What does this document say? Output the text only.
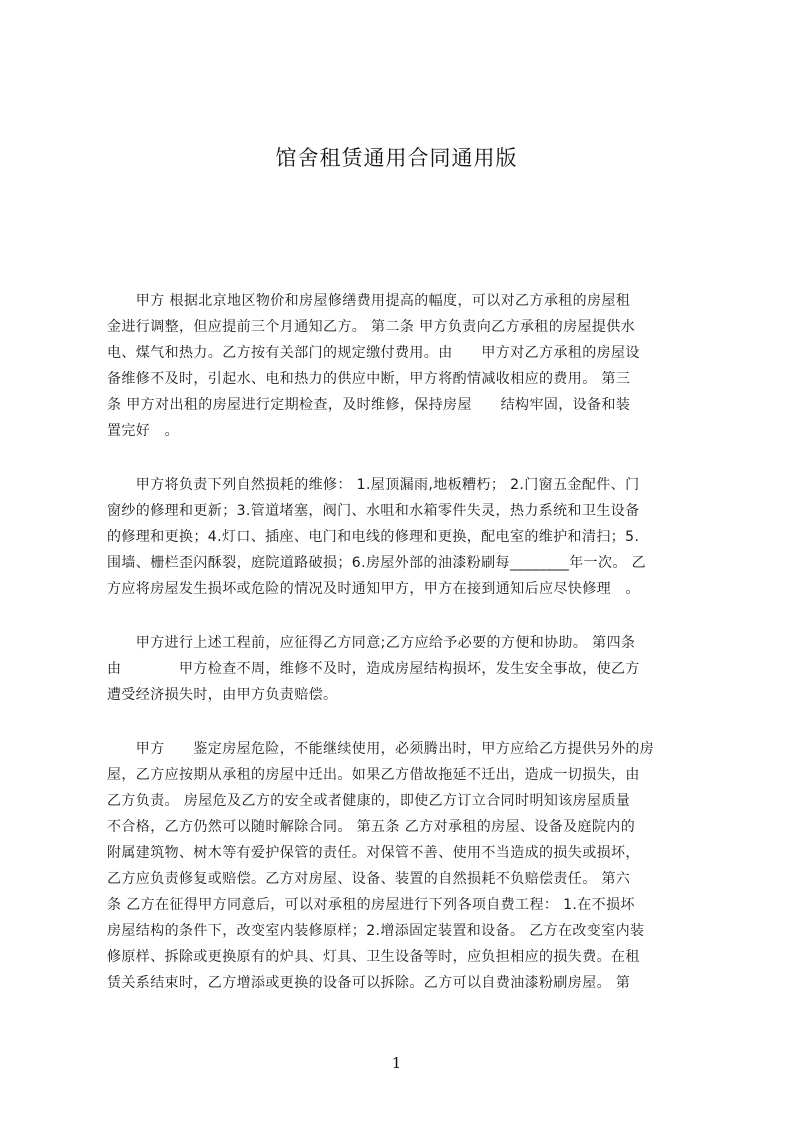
馆舍租赁通用合同通用版
　　甲方 根据北京地区物价和房屋修缮费用提高的幅度，可以对乙方承租的房屋租
金进行调整，但应提前三个月通知乙方。 第二条 甲方负责向乙方承租的房屋提供水
电、煤气和热力。乙方按有关部门的规定缴付费用。由　　甲方对乙方承租的房屋设
备维修不及时，引起水、电和热力的供应中断，甲方将酌情减收相应的费用。 第三
条 甲方对出租的房屋进行定期检查，及时维修，保持房屋　　结构牢固，设备和装
置完好　。
　　甲方将负责下列自然损耗的维修： 1.屋顶漏雨,地板糟朽； 2.门窗五金配件、门
窗纱的修理和更新；3.管道堵塞，阀门、水咀和水箱零件失灵，热力系统和卫生设备
的修理和更换；4.灯口、插座、电门和电线的修理和更换，配电室的维护和清扫；5.
围墙、栅栏歪闪酥裂，庭院道路破损；6.房屋外部的油漆粉刷每________年一次。 乙
方应将房屋发生损坏或危险的情况及时通知甲方，甲方在接到通知后应尽快修理　。
　　甲方进行上述工程前，应征得乙方同意;乙方应给予必要的方便和协助。 第四条
由　　　　甲方检查不周，维修不及时，造成房屋结构损坏，发生安全事故，使乙方
遭受经济损失时，由甲方负责赔偿。
　　甲方　　鉴定房屋危险，不能继续使用，必须腾出时，甲方应给乙方提供另外的房
屋，乙方应按期从承租的房屋中迁出。如果乙方借故拖延不迁出，造成一切损失，由
乙方负责。 房屋危及乙方的安全或者健康的，即使乙方订立合同时明知该房屋质量
不合格，乙方仍然可以随时解除合同。 第五条 乙方对承租的房屋、设备及庭院内的
附属建筑物、树木等有爱护保管的责任。对保管不善、使用不当造成的损失或损坏，
乙方应负责修复或赔偿。乙方对房屋、设备、装置的自然损耗不负赔偿责任。 第六
条 乙方在征得甲方同意后，可以对承租的房屋进行下列各项自费工程： 1.在不损坏
房屋结构的条件下，改变室内装修原样；2.增添固定装置和设备。 乙方在改变室内装
修原样、拆除或更换原有的炉具、灯具、卫生设备等时，应负担相应的损失费。在租
赁关系结束时，乙方增添或更换的设备可以拆除。乙方可以自费油漆粉刷房屋。 第
1
